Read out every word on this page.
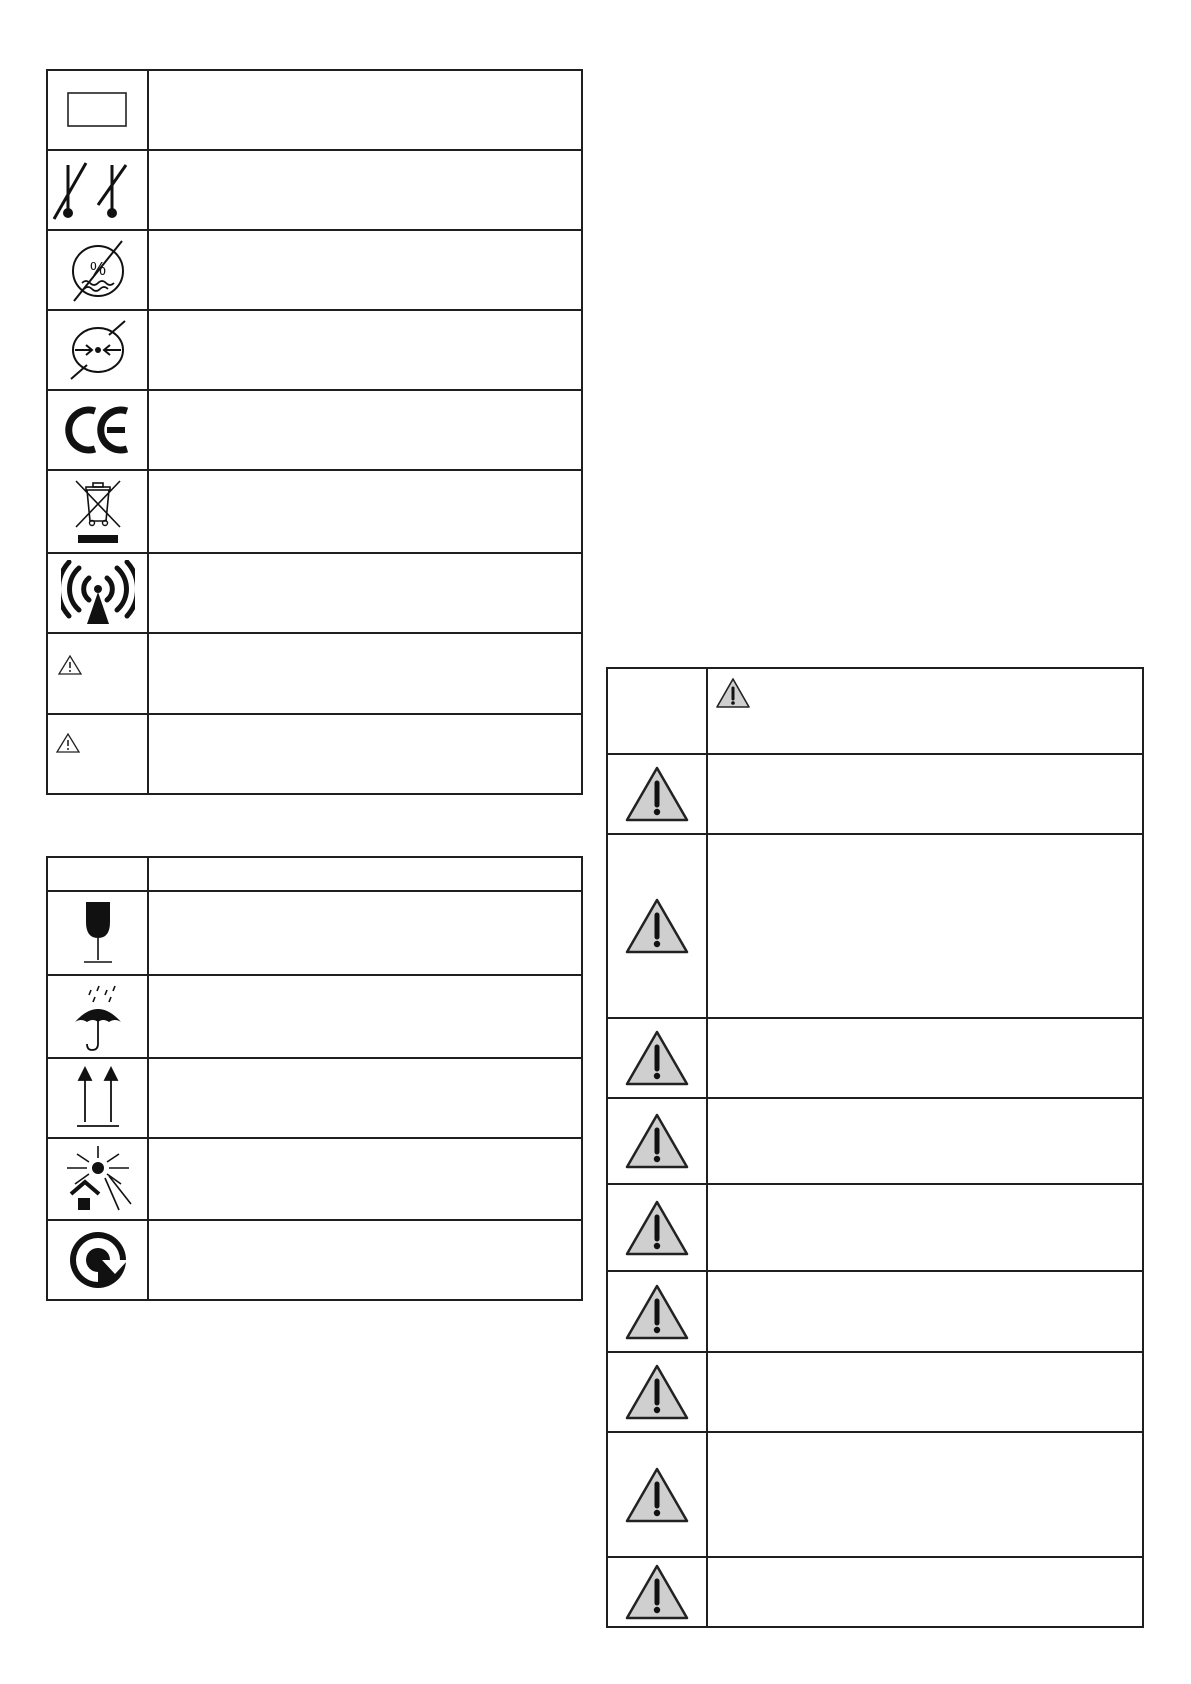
%	
